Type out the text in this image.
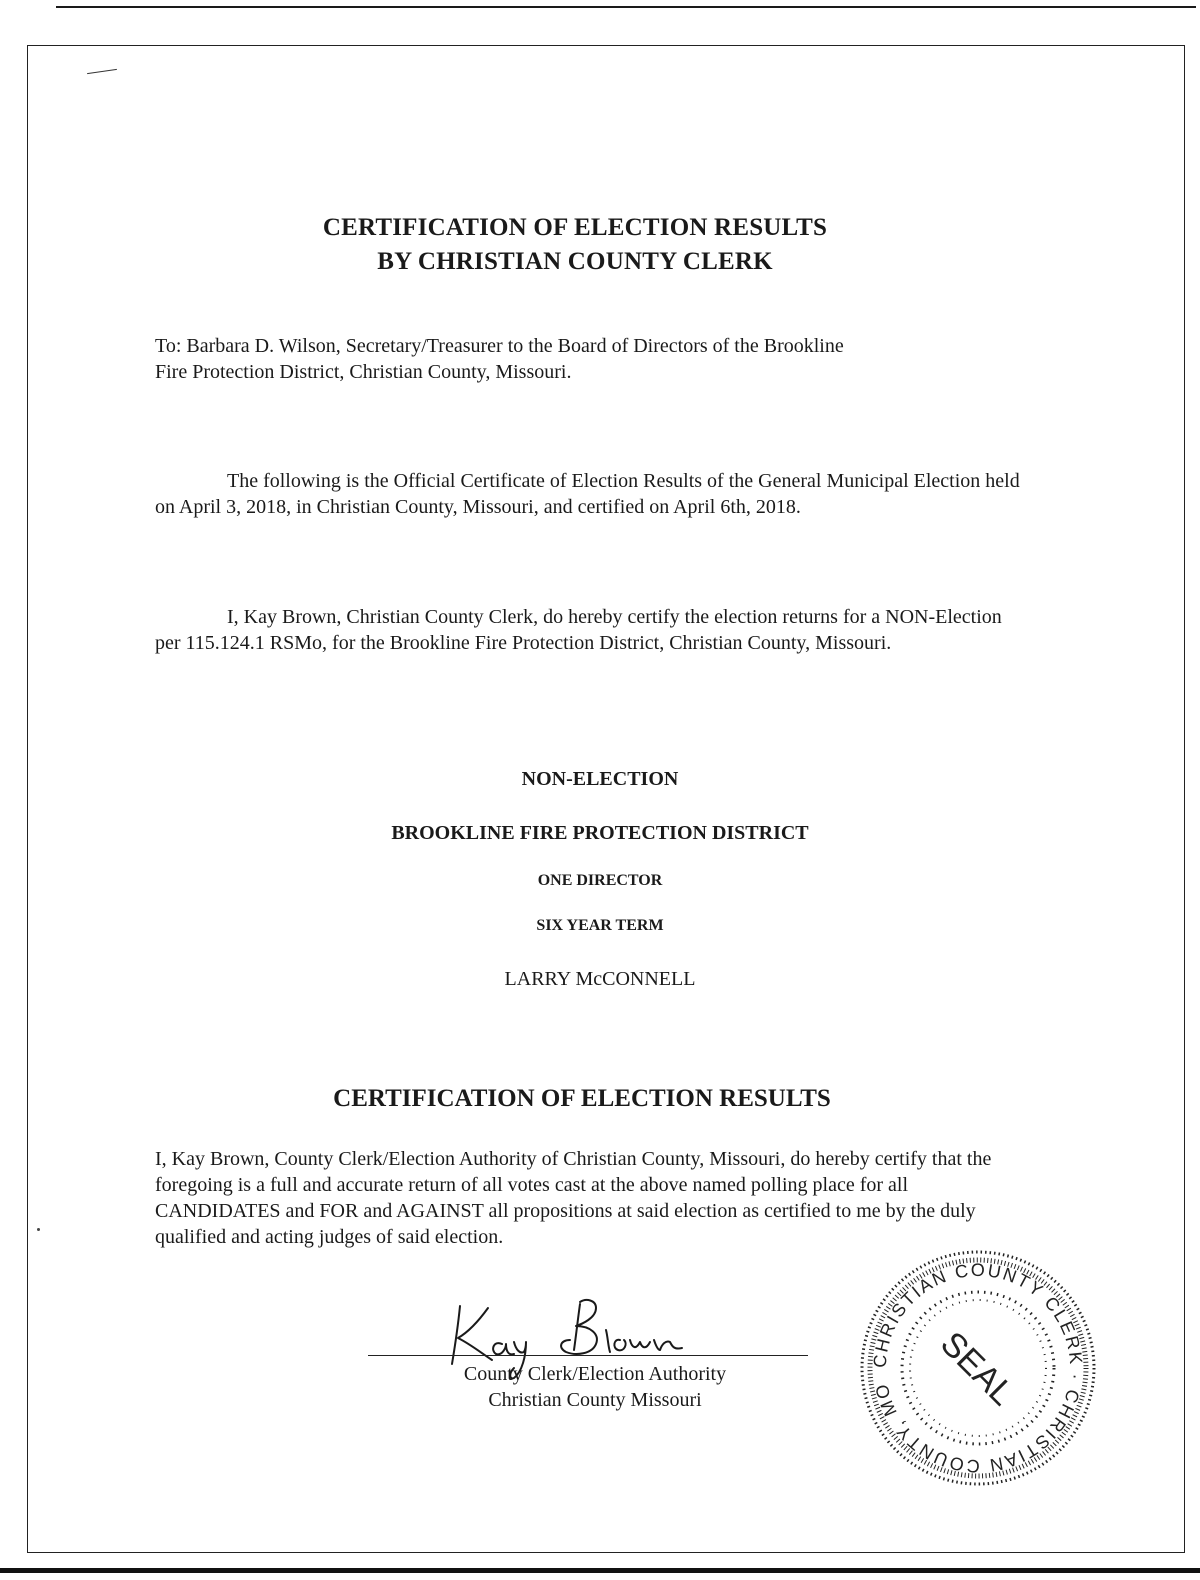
CERTIFICATION OF ELECTION RESULTS
BY CHRISTIAN COUNTY CLERK

To: Barbara D. Wilson, Secretary/Treasurer to the Board of Directors of the Brookline

Fire Protection District, Christian County, Missouri.

The following is the Official Certificate of Election Results of the General Municipal Election held on April 3, 2018, in Christian County, Missouri, and certified on April 6th, 2018.

I, Kay Brown, Christian County Clerk, do hereby certify the election returns for a NON-Election per 115.124.1 RSMo, for the Brookline Fire Protection District, Christian County, Missouri.

NON-ELECTION

BROOKLINE FIRE PROTECTION DISTRICT

ONE DIRECTOR

SIX YEAR TERM

LARRY McCONNELL

CERTIFICATION OF ELECTION RESULTS

I, Kay Brown, County Clerk/Election Authority of Christian County, Missouri, do hereby certify that the foregoing is a full and accurate return of all votes cast at the above named polling place for all CANDIDATES and FOR and AGAINST all propositions at said election as certified to me by the duly qualified and acting judges of said election.

Kay Brown

County Clerk/Election Authority

Christian County Missouri

CHRISTIAN COUNTY CLERK · CHRISTIAN COUNTY, MO	SEAL
